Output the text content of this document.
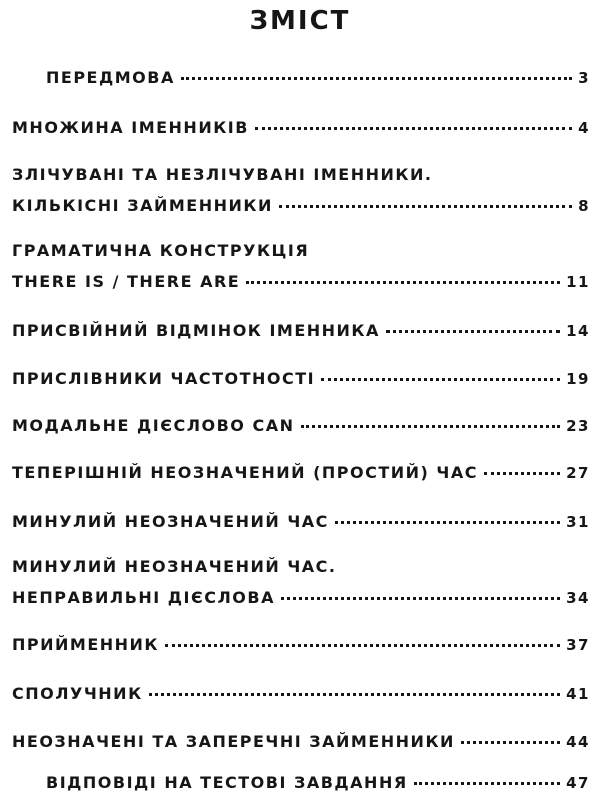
ЗМІСТ
ПЕРЕДМОВА	3
МНОЖИНА ІМЕННИКІВ	4
ЗЛІЧУВАНІ ТА НЕЗЛІЧУВАНІ ІМЕННИКИ.
КІЛЬКІСНІ ЗАЙМЕННИКИ	8
ГРАМАТИЧНА КОНСТРУКЦІЯ
THERE IS / THERE ARE	11
ПРИСВІЙНИЙ ВІДМІНОК ІМЕННИКА	14
ПРИСЛІВНИКИ ЧАСТОТНОСТІ	19
МОДАЛЬНЕ ДІЄСЛОВО CAN	23
ТЕПЕРІШНІЙ НЕОЗНАЧЕНИЙ (ПРОСТИЙ) ЧАС	27
МИНУЛИЙ НЕОЗНАЧЕНИЙ ЧАС	31
МИНУЛИЙ НЕОЗНАЧЕНИЙ ЧАС.
НЕПРАВИЛЬНІ ДІЄСЛОВА	34
ПРИЙМЕННИК	37
СПОЛУЧНИК	41
НЕОЗНАЧЕНІ ТА ЗАПЕРЕЧНІ ЗАЙМЕННИКИ	44
ВІДПОВІДІ НА ТЕСТОВІ ЗАВДАННЯ	47
